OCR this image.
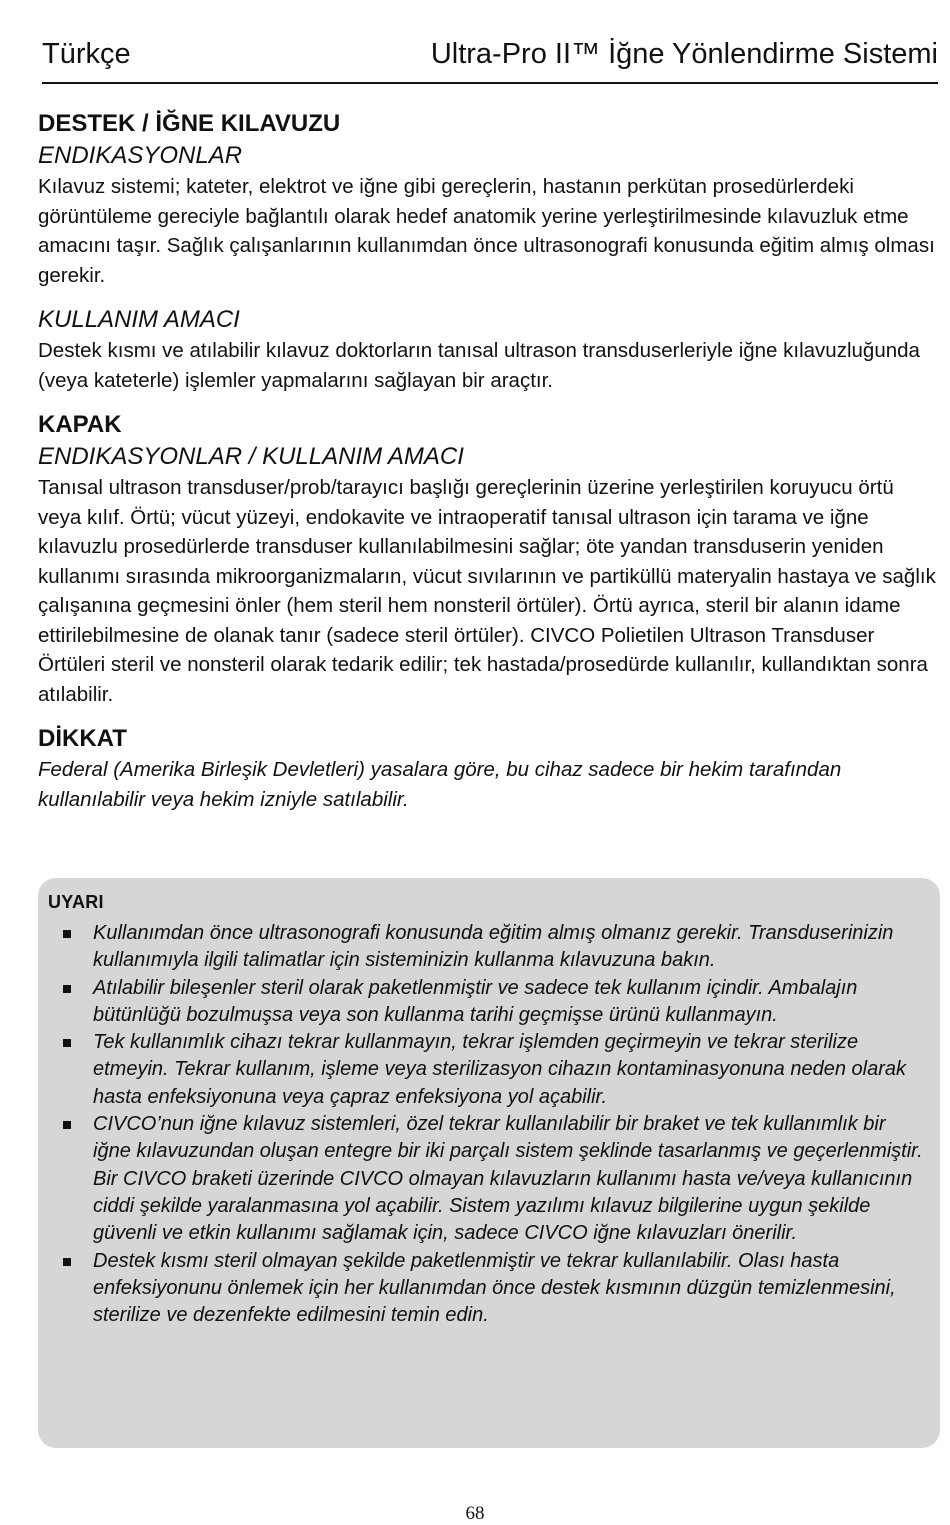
Türkçe	Ultra-Pro II™ İğne Yönlendirme Sistemi
DESTEK / İĞNE KILAVUZU
ENDIKASYONLAR

Kılavuz sistemi; kateter, elektrot ve iğne gibi gereçlerin, hastanın perkütan prosedürlerdeki görüntüleme gereciyle bağlantılı olarak hedef anatomik yerine yerleştirilmesinde kılavuzluk etme amacını taşır. Sağlık çalışanlarının kullanımdan önce ultrasonografi konusunda eğitim almış olması gerekir.

KULLANIM AMACI

Destek kısmı ve atılabilir kılavuz doktorların tanısal ultrason transduserleriyle iğne kılavuzluğunda (veya kateterle) işlemler yapmalarını sağlayan bir araçtır.

KAPAK
ENDIKASYONLAR / KULLANIM AMACI

Tanısal ultrason transduser/prob/tarayıcı başlığı gereçlerinin üzerine yerleştirilen koruyucu örtü veya kılıf. Örtü; vücut yüzeyi, endokavite ve intraoperatif tanısal ultrason için tarama ve iğne kılavuzlu prosedürlerde transduser kullanılabilmesini sağlar; öte yandan transduserin yeniden kullanımı sırasında mikroorganizmaların, vücut sıvılarının ve partiküllü materyalin hastaya ve sağlık çalışanına geçmesini önler (hem steril hem nonsteril örtüler). Örtü ayrıca, steril bir alanın idame ettirilebilmesine de olanak tanır (sadece steril örtüler). CIVCO Polietilen Ultrason Transduser Örtüleri steril ve nonsteril olarak tedarik edilir; tek hastada/prosedürde kullanılır, kullandıktan sonra atılabilir.

DİKKAT

Federal (Amerika Birleşik Devletleri) yasalara göre, bu cihaz sadece bir hekim tarafından kullanılabilir veya hekim izniyle satılabilir.

UYARI
Kullanımdan önce ultrasonografi konusunda eğitim almış olmanız gerekir. Transduserinizin kullanımıyla ilgili talimatlar için sisteminizin kullanma kılavuzuna bakın.
Atılabilir bileşenler steril olarak paketlenmiştir ve sadece tek kullanım içindir. Ambalajın bütünlüğü bozulmuşsa veya son kullanma tarihi geçmişse ürünü kullanmayın.
Tek kullanımlık cihazı tekrar kullanmayın, tekrar işlemden geçirmeyin ve tekrar sterilize etmeyin. Tekrar kullanım, işleme veya sterilizasyon cihazın kontaminasyonuna neden olarak hasta enfeksiyonuna veya çapraz enfeksiyona yol açabilir.
CIVCO’nun iğne kılavuz sistemleri, özel tekrar kullanılabilir bir braket ve tek kullanımlık bir iğne kılavuzundan oluşan entegre bir iki parçalı sistem şeklinde tasarlanmış ve geçerlenmiştir. Bir CIVCO braketi üzerinde CIVCO olmayan kılavuzların kullanımı hasta ve/veya kullanıcının ciddi şekilde yaralanmasına yol açabilir. Sistem yazılımı kılavuz bilgilerine uygun şekilde güvenli ve etkin kullanımı sağlamak için, sadece CIVCO iğne kılavuzları önerilir.
Destek kısmı steril olmayan şekilde paketlenmiştir ve tekrar kullanılabilir. Olası hasta enfeksiyonunu önlemek için her kullanımdan önce destek kısmının düzgün temizlenmesini, sterilize ve dezenfekte edilmesini temin edin.
68
